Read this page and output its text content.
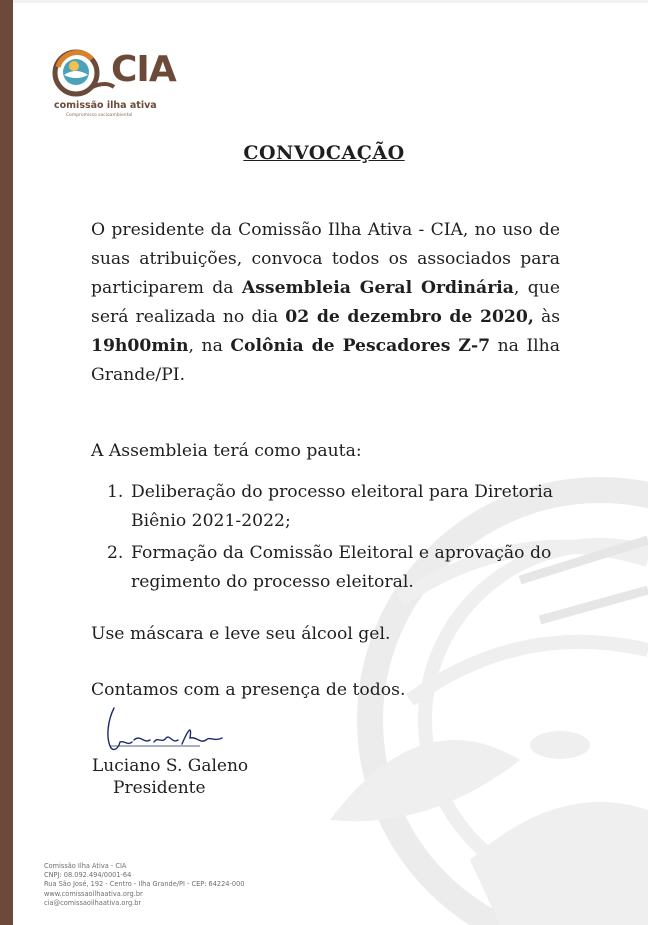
CIA
comissão ilha ativa
Compromisso socioambiental
CONVOCAÇÃO
O presidente da Comissão Ilha Ativa - CIA, no uso de suas atribuições, convoca todos os associados para participarem da Assembleia Geral Ordinária, que será realizada no dia 02 de dezembro de 2020, às 19h00min, na Colônia de Pescadores Z-7 na Ilha Grande/PI.
A Assembleia terá como pauta:
1. Deliberação do processo eleitoral para Diretoria Biênio 2021-2022;
2. Formação da Comissão Eleitoral e aprovação do regimento do processo eleitoral.
Use máscara e leve seu álcool gel.
Contamos com a presença de todos.
Luciano S. Galeno
Presidente
Comissão Ilha Ativa - CIA
CNPJ: 08.092.494/0001-64
Rua São José, 192 - Centro - Ilha Grande/PI - CEP: 64224-000
www.comissaoilhaativa.org.br
cia@comissaoilhaativa.org.br
